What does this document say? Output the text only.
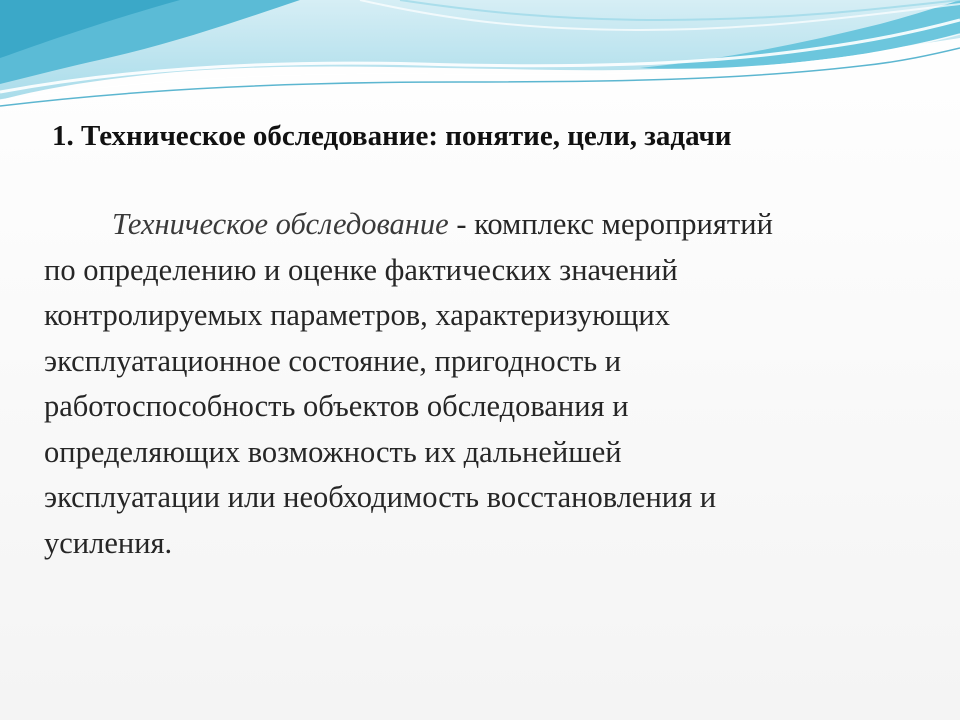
1. Техническое обследование: понятие, цели, задачи

Техническое обследование - комплекс мероприятий
по определению и оценке фактических значений
контролируемых параметров, характеризующих
эксплуатационное состояние, пригодность и
работоспособность объектов обследования и
определяющих возможность их дальнейшей
эксплуатации или необходимость восстановления и
усиления.
